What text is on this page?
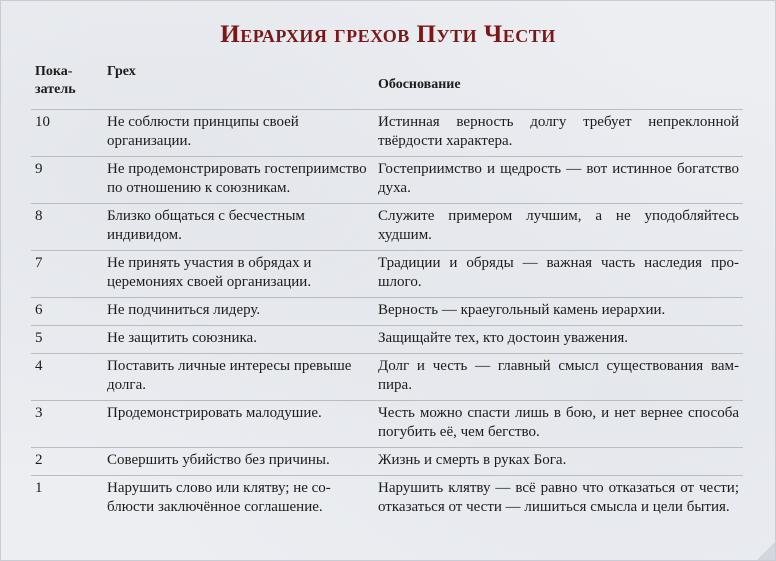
Иерархия грехов Пути Чести
Пока-
затель	Грех	Обоснование
10	Не соблюсти принципы своей организации.	Истинная верность долгу требует непреклонной твёрдости характера.
9	Не продемонстрировать гостеприимство по отношению к союзникам.	Гостеприимство и щедрость — вот истинное богатство духа.
8	Близко общаться с бесчестным индивидом.	Служите примером лучшим, а не уподобляйтесь худшим.
7	Не принять участия в обрядах и церемониях своей организации.	Традиции и обряды — важная часть наследия прошлого.
6	Не подчиниться лидеру.	Верность — краеугольный камень иерархии.
5	Не защитить союзника.	Защищайте тех, кто достоин уважения.
4	Поставить личные интересы превыше долга.	Долг и честь — главный смысл существования вампира.
3	Продемонстрировать малодушие.	Честь можно спасти лишь в бою, и нет вернее способа погубить её, чем бегство.
2	Совершить убийство без причины.	Жизнь и смерть в руках Бога.
1	Нарушить слово или клятву; не соблюсти заключённое соглашение.	Нарушить клятву — всё равно что отказаться от чести; отказаться от чести — лишиться смысла и цели бытия.
